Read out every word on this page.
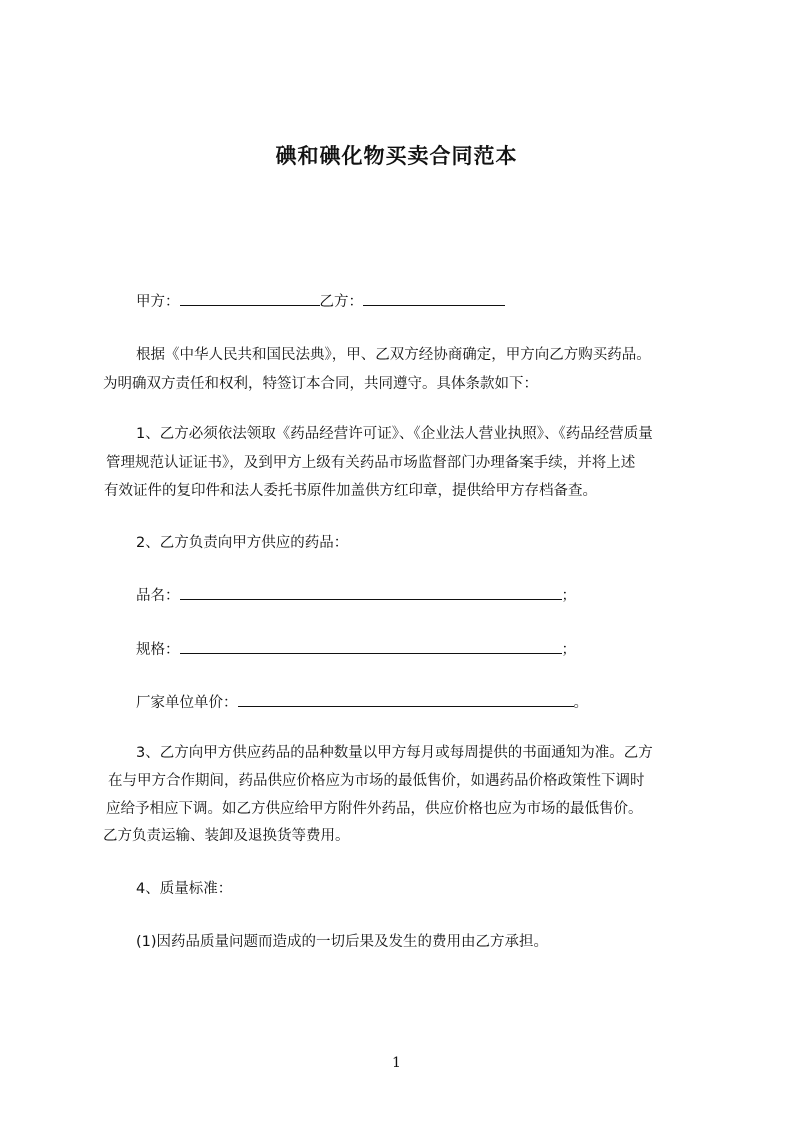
碘和碘化物买卖合同范本
甲方：	乙方：
根据《中华人民共和国民法典》，甲、乙双方经协商确定，甲方向乙方购买药品。
为明确双方责任和权利，特签订本合同，共同遵守。具体条款如下：
1、乙方必须依法领取《药品经营许可证》、《企业法人营业执照》、《药品经营质量
管理规范认证证书》，及到甲方上级有关药品市场监督部门办理备案手续，并将上述
有效证件的复印件和法人委托书原件加盖供方红印章，提供给甲方存档备查。
2、乙方负责向甲方供应的药品：
品名：	；
规格：	；
厂家单位单价：	。
3、乙方向甲方供应药品的品种数量以甲方每月或每周提供的书面通知为准。乙方
在与甲方合作期间，药品供应价格应为市场的最低售价，如遇药品价格政策性下调时
应给予相应下调。如乙方供应给甲方附件外药品，供应价格也应为市场的最低售价。
乙方负责运输、装卸及退换货等费用。
4、质量标准：
(1)因药品质量问题而造成的一切后果及发生的费用由乙方承担。
1
